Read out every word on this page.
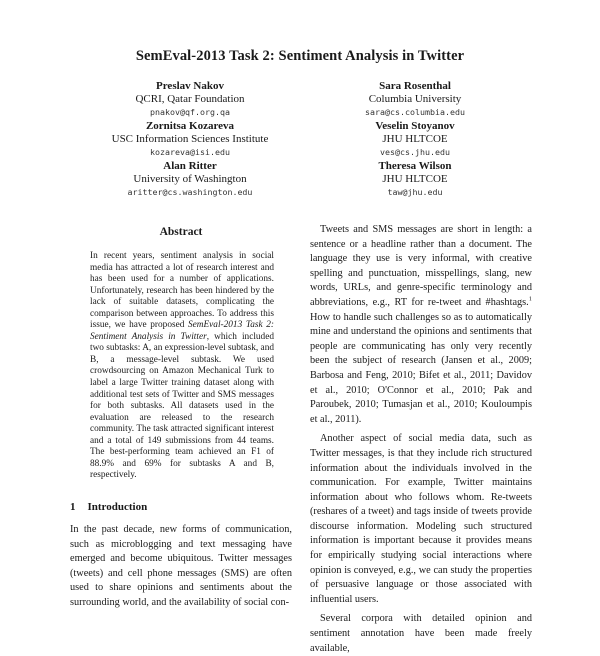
SemEval-2013 Task 2: Sentiment Analysis in Twitter
Preslav Nakov
QCRI, Qatar Foundation
pnakov@qf.org.qa
Zornitsa Kozareva
USC Information Sciences Institute
kozareva@isi.edu
Alan Ritter
University of Washington
aritter@cs.washington.edu
Sara Rosenthal
Columbia University
sara@cs.columbia.edu
Veselin Stoyanov
JHU HLTCOE
ves@cs.jhu.edu
Theresa Wilson
JHU HLTCOE
taw@jhu.edu
Abstract
In recent years, sentiment analysis in social media has attracted a lot of research interest and has been used for a number of applications. Unfortunately, research has been hindered by the lack of suitable datasets, complicating the comparison between approaches. To address this issue, we have proposed SemEval-2013 Task 2: Sentiment Analysis in Twitter, which included two subtasks: A, an expression-level subtask, and B, a message-level subtask. We used crowdsourcing on Amazon Mechanical Turk to label a large Twitter training dataset along with additional test sets of Twitter and SMS messages for both subtasks. All datasets used in the evaluation are released to the research community. The task attracted significant interest and a total of 149 submissions from 44 teams. The best-performing team achieved an F1 of 88.9% and 69% for subtasks A and B, respectively.
1 Introduction

In the past decade, new forms of communication, such as microblogging and text messaging have emerged and become ubiquitous. Twitter messages (tweets) and cell phone messages (SMS) are often used to share opinions and sentiments about the surrounding world, and the availability of social con-

Tweets and SMS messages are short in length: a sentence or a headline rather than a document. The language they use is very informal, with creative spelling and punctuation, misspellings, slang, new words, URLs, and genre-specific terminology and abbreviations, e.g., RT for re-tweet and #hashtags.$^1$ How to handle such challenges so as to automatically mine and understand the opinions and sentiments that people are communicating has only very recently been the subject of research (Jansen et al., 2009; Barbosa and Feng, 2010; Bifet et al., 2011; Davidov et al., 2010; O'Connor et al., 2010; Pak and Paroubek, 2010; Tumasjan et al., 2010; Kouloumpis et al., 2011).

Another aspect of social media data, such as Twitter messages, is that they include rich structured information about the individuals involved in the communication. For example, Twitter maintains information about who follows whom. Re-tweets (reshares of a tweet) and tags inside of tweets provide discourse information. Modeling such structured information is important because it provides means for empirically studying social interactions where opinion is conveyed, e.g., we can study the properties of persuasive language or those associated with influential users.

Several corpora with detailed opinion and sentiment annotation have been made freely available,
